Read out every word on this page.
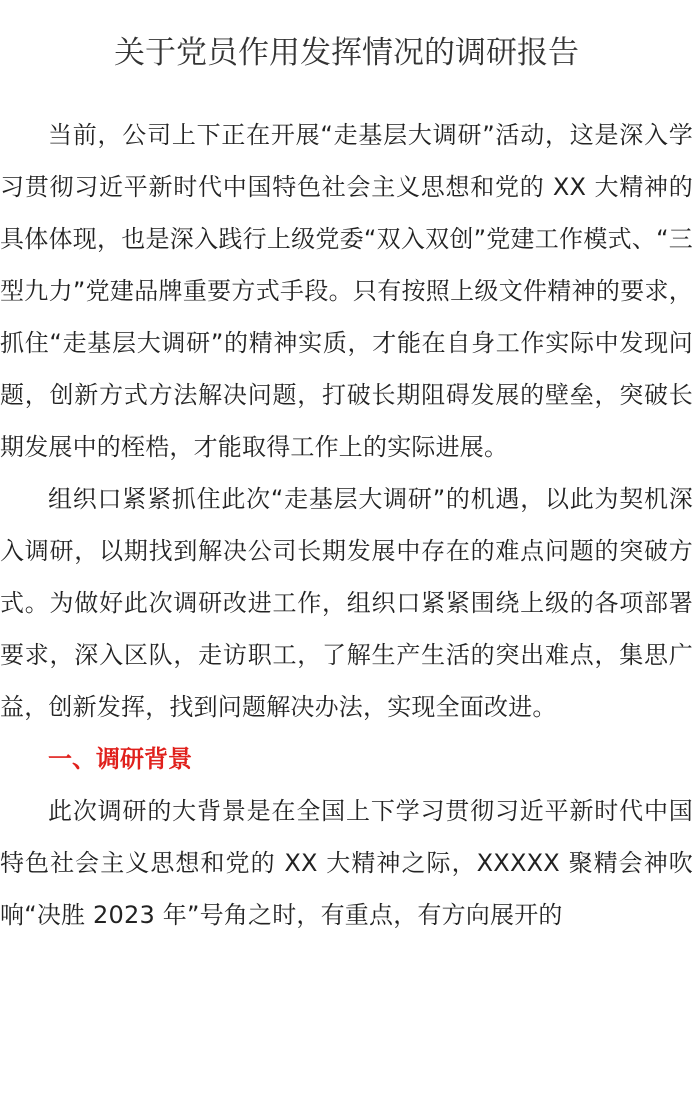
关于党员作用发挥情况的调研报告

当前，公司上下正在开展“走基层大调研”活动，这是深入学习贯彻习近平新时代中国特色社会主义思想和党的 XX 大精神的具体体现，也是深入践行上级党委“双入双创”党建工作模式、“三型九力”党建品牌重要方式手段。只有按照上级文件精神的要求，抓住“走基层大调研”的精神实质，才能在自身工作实际中发现问题，创新方式方法解决问题，打破长期阻碍发展的壁垒，突破长期发展中的桎梏，才能取得工作上的实际进展。

组织口紧紧抓住此次“走基层大调研”的机遇，以此为契机深入调研，以期找到解决公司长期发展中存在的难点问题的突破方式。为做好此次调研改进工作，组织口紧紧围绕上级的各项部署要求，深入区队，走访职工，了解生产生活的突出难点，集思广益，创新发挥，找到问题解决办法，实现全面改进。

一、调研背景

此次调研的大背景是在全国上下学习贯彻习近平新时代中国特色社会主义思想和党的 XX 大精神之际，XXXXX 聚精会神吹响“决胜 2023 年”号角之时，有重点，有方向展开的
